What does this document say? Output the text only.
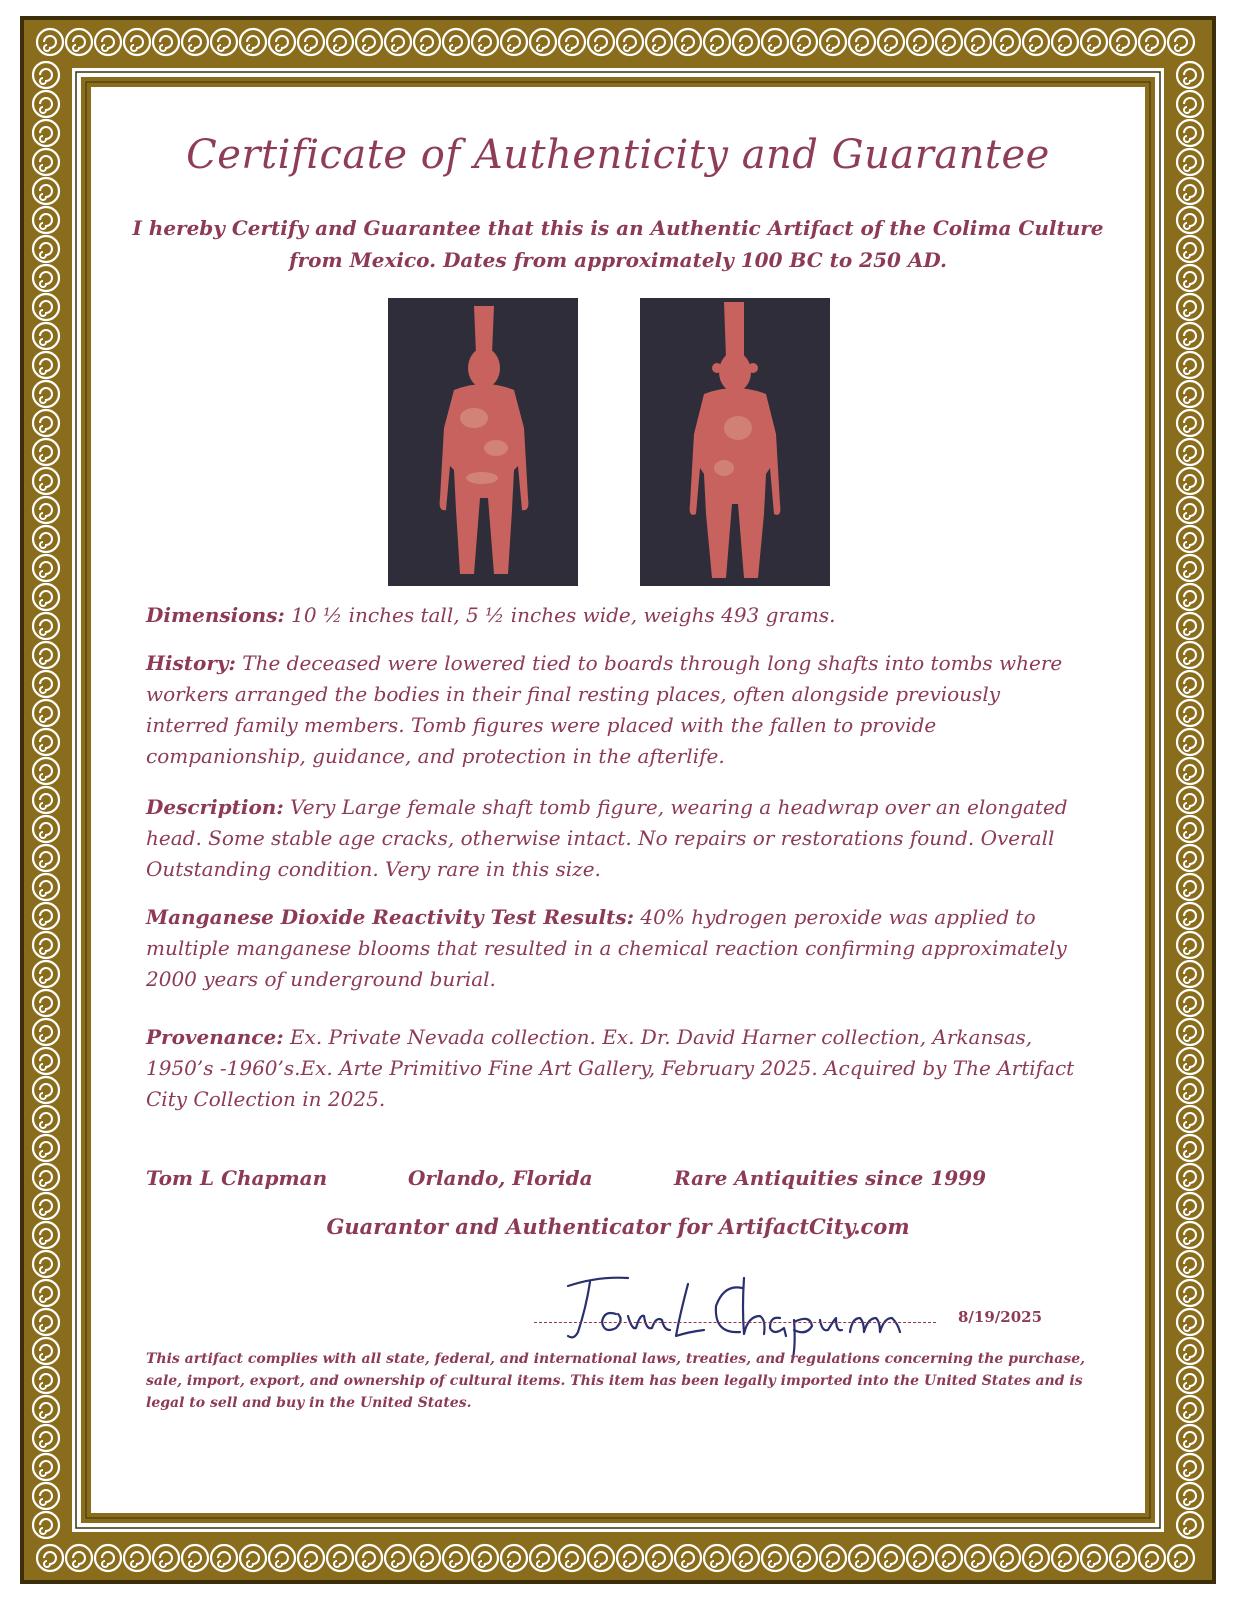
Certificate of Authenticity and Guarantee

I hereby Certify and Guarantee that this is an Authentic Artifact of the Colima Culture from Mexico. Dates from approximately 100 BC to 250 AD.

Dimensions: 10 ½ inches tall, 5 ½ inches wide, weighs 493 grams.

History: The deceased were lowered tied to boards through long shafts into tombs where workers arranged the bodies in their final resting places, often alongside previously interred family members. Tomb figures were placed with the fallen to provide companionship, guidance, and protection in the afterlife.

Description: Very Large female shaft tomb figure, wearing a headwrap over an elongated head. Some stable age cracks, otherwise intact. No repairs or restorations found. Overall Outstanding condition. Very rare in this size.

Manganese Dioxide Reactivity Test Results: 40% hydrogen peroxide was applied to multiple manganese blooms that resulted in a chemical reaction confirming approximately 2000 years of underground burial.

Provenance: Ex. Private Nevada collection. Ex. Dr. David Harner collection, Arkansas, 1950’s -1960’s.Ex. Arte Primitivo Fine Art Gallery, February 2025. Acquired by The Artifact City Collection in 2025.

Tom L Chapman	Orlando, Florida	Rare Antiquities since 1999
Guarantor and Authenticator for ArtifactCity.com
8/19/2025

This artifact complies with all state, federal, and international laws, treaties, and regulations concerning the purchase, sale, import, export, and ownership of cultural items. This item has been legally imported into the United States and is legal to sell and buy in the United States.
